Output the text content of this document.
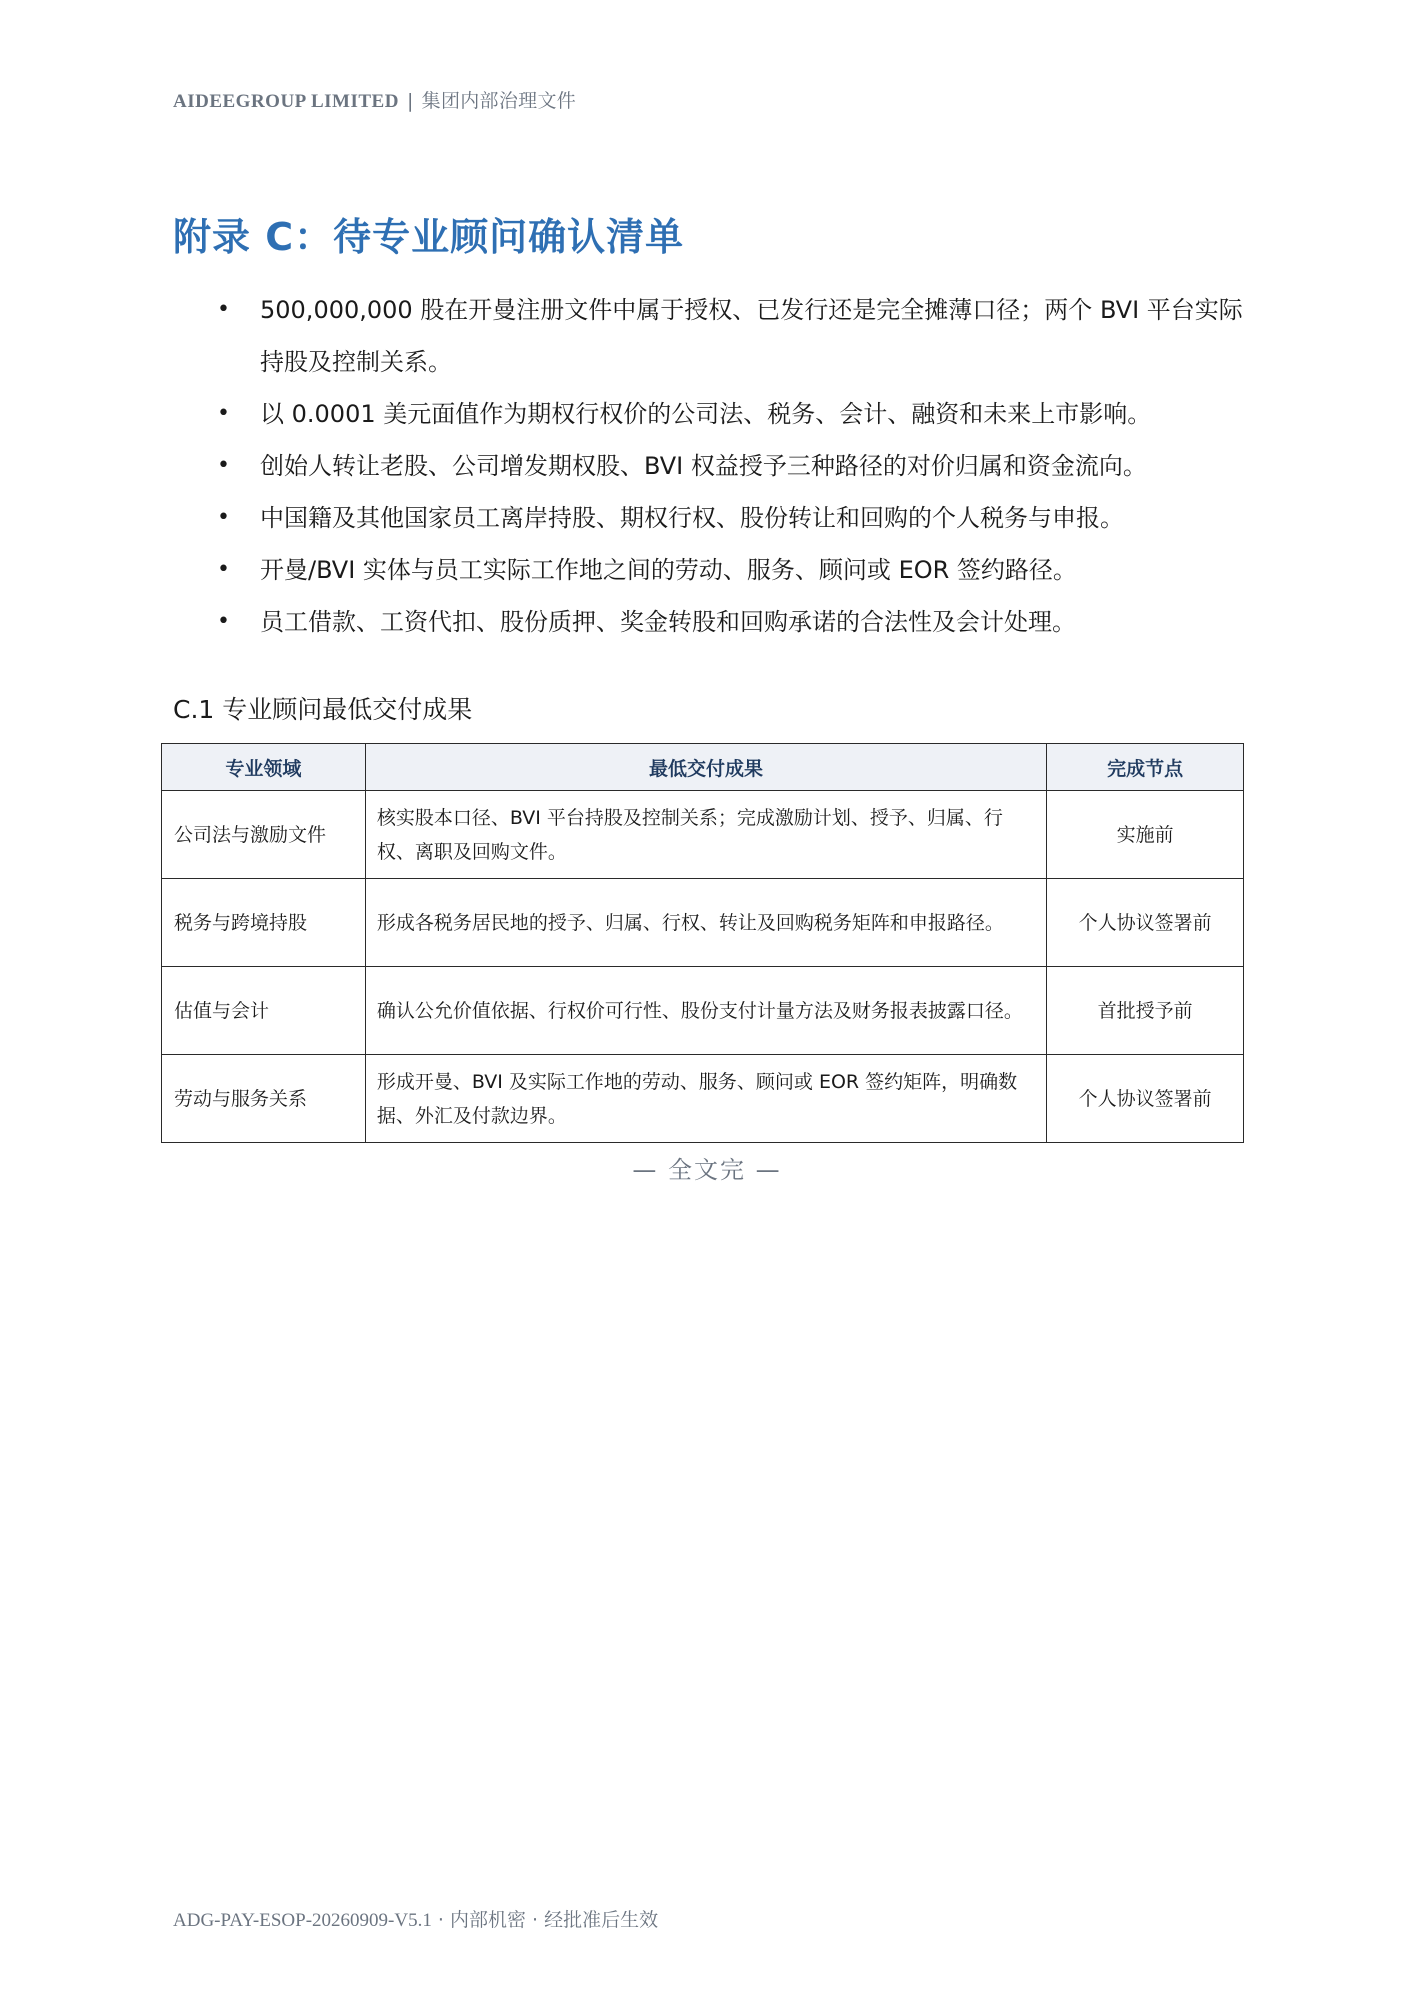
AIDEEGROUP LIMITED | 集团内部治理文件
附录 C：待专业顾问确认清单
• 500,000,000 股在开曼注册文件中属于授权、已发行还是完全摊薄口径；两个 BVI 平台实际持股及控制关系。
• 以 0.0001 美元面值作为期权行权价的公司法、税务、会计、融资和未来上市影响。
• 创始人转让老股、公司增发期权股、BVI 权益授予三种路径的对价归属和资金流向。
• 中国籍及其他国家员工离岸持股、期权行权、股份转让和回购的个人税务与申报。
• 开曼/BVI 实体与员工实际工作地之间的劳动、服务、顾问或 EOR 签约路径。
• 员工借款、工资代扣、股份质押、奖金转股和回购承诺的合法性及会计处理。
C.1 专业顾问最低交付成果
专业领域	最低交付成果	完成节点
公司法与激励文件	核实股本口径、BVI 平台持股及控制关系；完成激励计划、授予、归属、行权、离职及回购文件。	实施前
税务与跨境持股	形成各税务居民地的授予、归属、行权、转让及回购税务矩阵和申报路径。	个人协议签署前
估值与会计	确认公允价值依据、行权价可行性、股份支付计量方法及财务报表披露口径。	首批授予前
劳动与服务关系	形成开曼、BVI 及实际工作地的劳动、服务、顾问或 EOR 签约矩阵，明确数据、外汇及付款边界。	个人协议签署前
— 全文完 —
ADG-PAY-ESOP-20260909-V5.1 · 内部机密 · 经批准后生效
